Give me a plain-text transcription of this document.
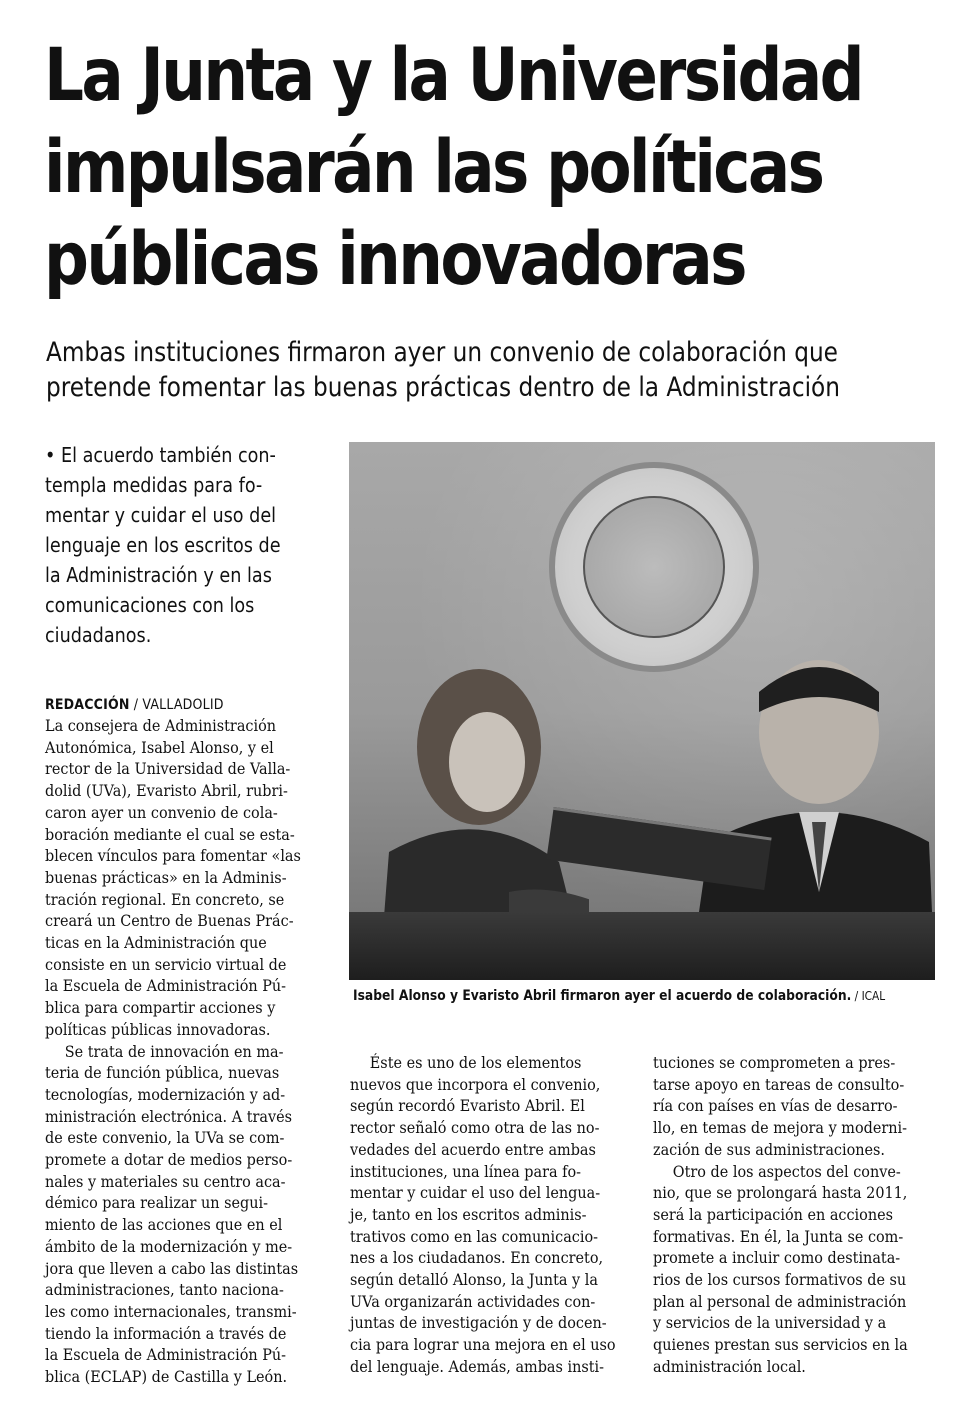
La Junta y la Universidad
impulsarán las políticas
públicas innovadoras
Ambas instituciones firmaron ayer un convenio de colaboración que
pretende fomentar las buenas prácticas dentro de la Administración
• El acuerdo también con-
templa medidas para fo-
mentar y cuidar el uso del
lenguaje en los escritos de
la Administración y en las
comunicaciones con los
ciudadanos.
REDACCIÓN / VALLADOLID
La consejera de Administración
Autonómica, Isabel Alonso, y el
rector de la Universidad de Valla-
dolid (UVa), Evaristo Abril, rubri-
caron ayer un convenio de cola-
boración mediante el cual se esta-
blecen vínculos para fomentar «las
buenas prácticas» en la Adminis-
tración regional. En concreto, se
creará un Centro de Buenas Prác-
ticas en la Administración que
consiste en un servicio virtual de
la Escuela de Administración Pú-
blica para compartir acciones y
políticas públicas innovadoras.
Se trata de innovación en ma-
teria de función pública, nuevas
tecnologías, modernización y ad-
ministración electrónica. A través
de este convenio, la UVa se com-
promete a dotar de medios perso-
nales y materiales su centro aca-
démico para realizar un segui-
miento de las acciones que en el
ámbito de la modernización y me-
jora que lleven a cabo las distintas
administraciones, tanto naciona-
les como internacionales, transmi-
tiendo la información a través de
la Escuela de Administración Pú-
blica (ECLAP) de Castilla y León.
Isabel Alonso y Evaristo Abril firmaron ayer el acuerdo de colaboración. / ICAL
Éste es uno de los elementos
nuevos que incorpora el convenio,
según recordó Evaristo Abril. El
rector señaló como otra de las no-
vedades del acuerdo entre ambas
instituciones, una línea para fo-
mentar y cuidar el uso del lengua-
je, tanto en los escritos adminis-
trativos como en las comunicacio-
nes a los ciudadanos. En concreto,
según detalló Alonso, la Junta y la
UVa organizarán actividades con-
juntas de investigación y de docen-
cia para lograr una mejora en el uso
del lenguaje. Además, ambas insti-
tuciones se comprometen a pres-
tarse apoyo en tareas de consulto-
ría con países en vías de desarro-
llo, en temas de mejora y moderni-
zación de sus administraciones.
Otro de los aspectos del conve-
nio, que se prolongará hasta 2011,
será la participación en acciones
formativas. En él, la Junta se com-
promete a incluir como destinata-
rios de los cursos formativos de su
plan al personal de administración
y servicios de la universidad y a
quienes prestan sus servicios en la
administración local.
